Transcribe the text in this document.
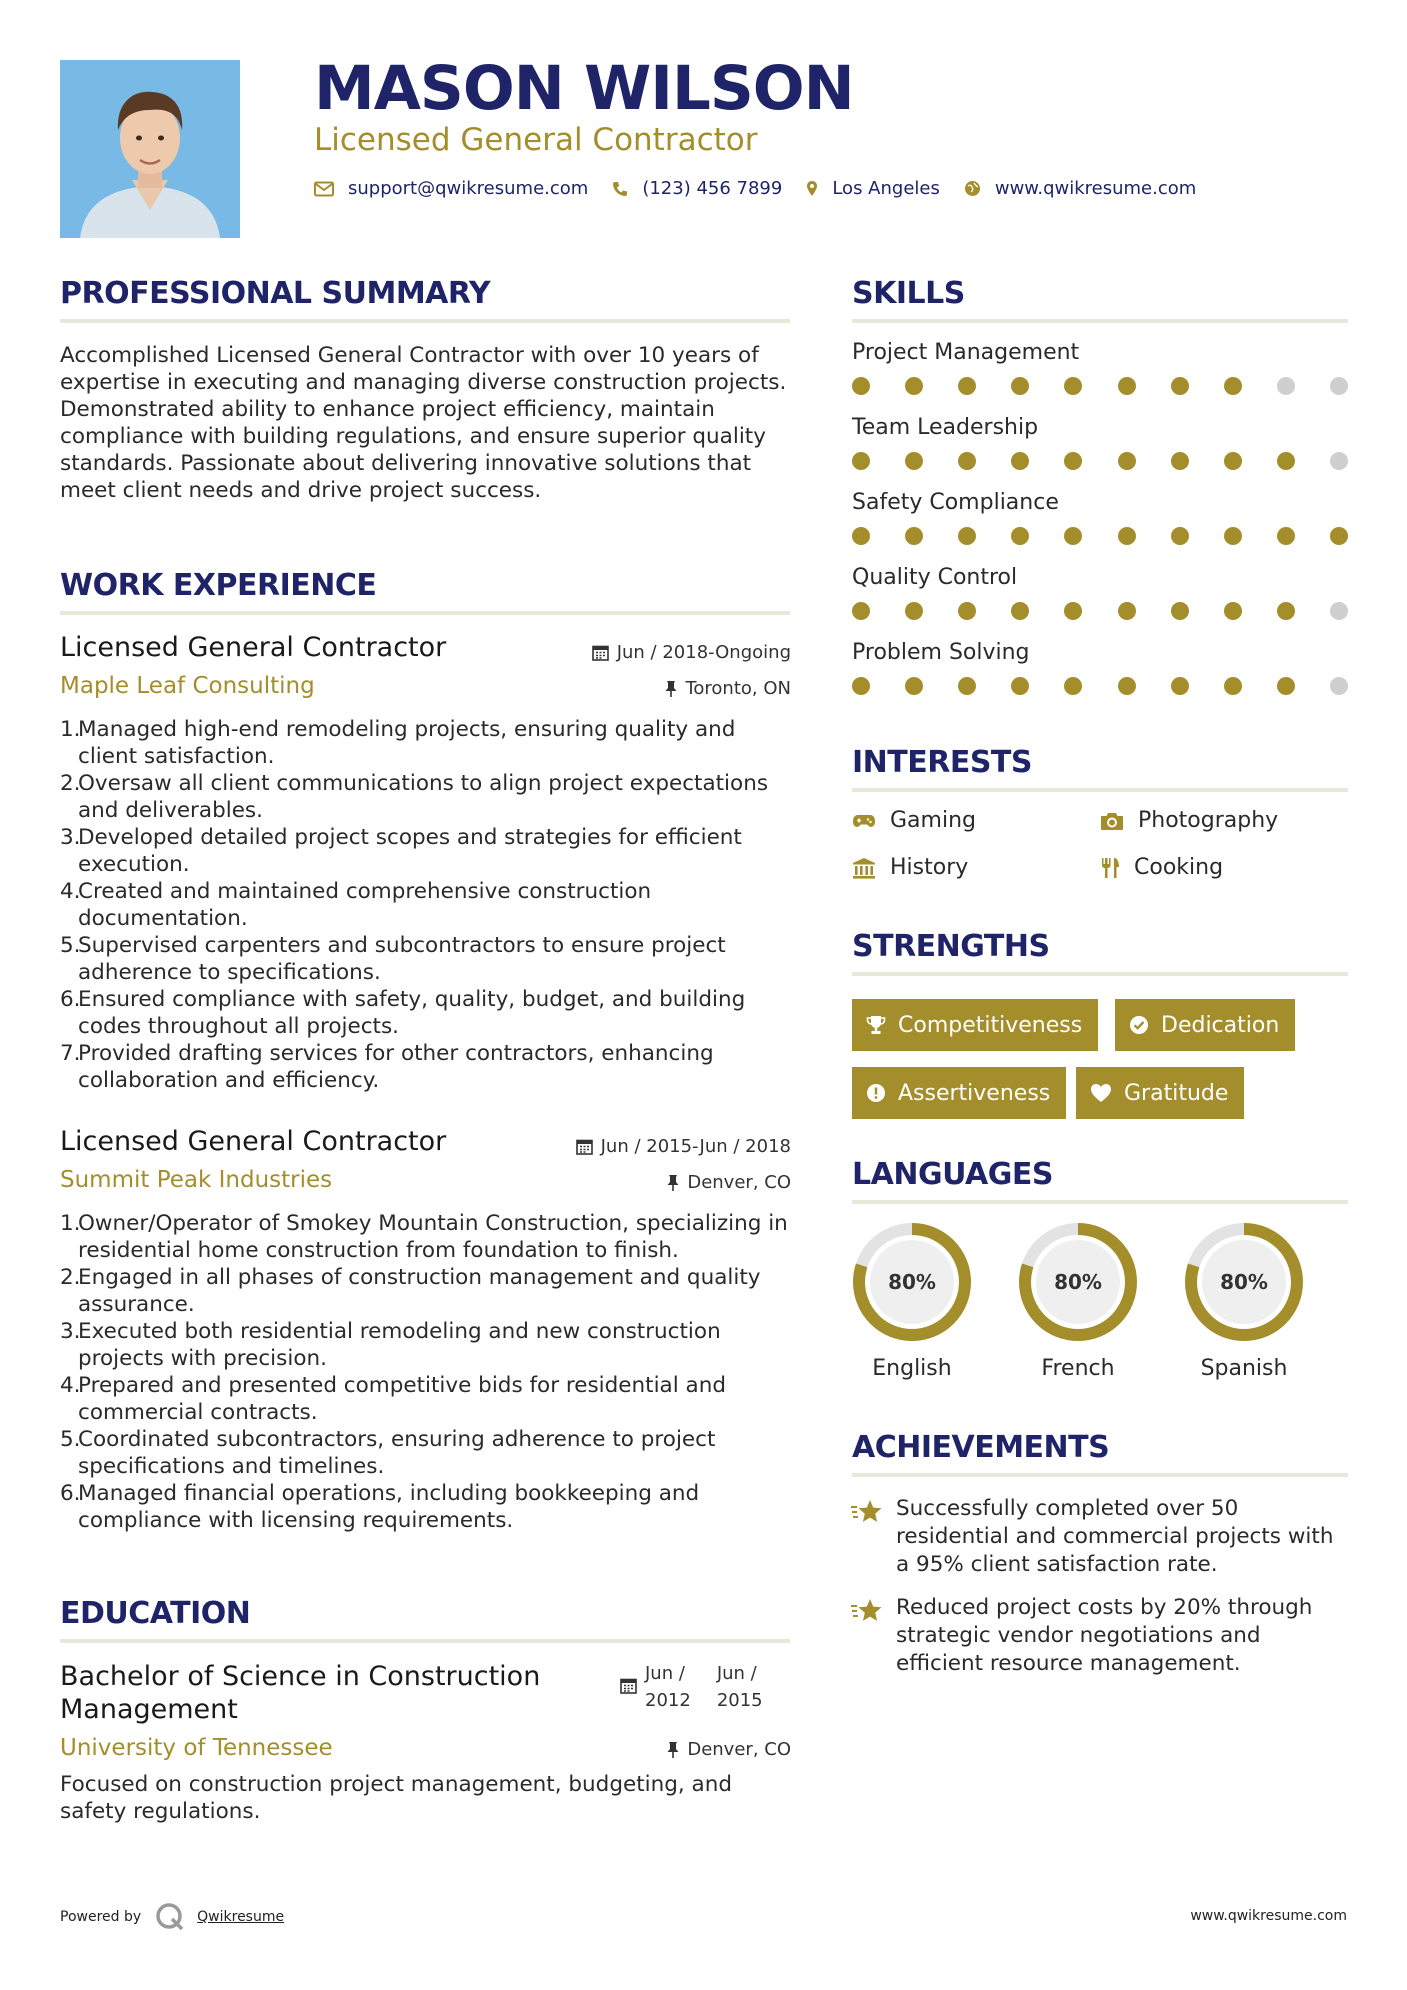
MASON WILSON
Licensed General Contractor
support@qwikresume.com	(123) 456 7899	Los Angeles	www.qwikresume.com
PROFESSIONAL SUMMARY
Accomplished Licensed General Contractor with over 10 years of expertise in executing and managing diverse construction projects. Demonstrated ability to enhance project efficiency, maintain compliance with building regulations, and ensure superior quality standards. Passionate about delivering innovative solutions that meet client needs and drive project success.
WORK EXPERIENCE
Licensed General Contractor	Jun / 2018-Ongoing
Maple Leaf Consulting	Toronto, ON
1.
Managed high-end remodeling projects, ensuring quality and client satisfaction.
2.
Oversaw all client communications to align project expectations and deliverables.
3.
Developed detailed project scopes and strategies for efficient execution.
4.
Created and maintained comprehensive construction documentation.
5.
Supervised carpenters and subcontractors to ensure project adherence to specifications.
6.
Ensured compliance with safety, quality, budget, and building codes throughout all projects.
7.
Provided drafting services for other contractors, enhancing collaboration and efficiency.
Licensed General Contractor	Jun / 2015-Jun / 2018
Summit Peak Industries	Denver, CO
1.
Owner/Operator of Smokey Mountain Construction, specializing in residential home construction from foundation to finish.
2.
Engaged in all phases of construction management and quality assurance.
3.
Executed both residential remodeling and new construction projects with precision.
4.
Prepared and presented competitive bids for residential and commercial contracts.
5.
Coordinated subcontractors, ensuring adherence to project specifications and timelines.
6.
Managed financial operations, including bookkeeping and compliance with licensing requirements.
EDUCATION
Bachelor of Science in Construction
Management
Jun /
2012
Jun /
2015
University of Tennessee	Denver, CO
Focused on construction project management, budgeting, and safety regulations.
SKILLS
Project Management
Team Leadership
Safety Compliance
Quality Control
Problem Solving
INTERESTS
Gaming	Photography
History	Cooking
STRENGTHS
Competitiveness	Dedication
Assertiveness	Gratitude
LANGUAGES
80%
English
80%
French
80%
Spanish
ACHIEVEMENTS
Successfully completed over 50 residential and commercial projects with a 95% client satisfaction rate.
Reduced project costs by 20% through strategic vendor negotiations and efficient resource management.
Powered by	Qwikresume	www.qwikresume.com
